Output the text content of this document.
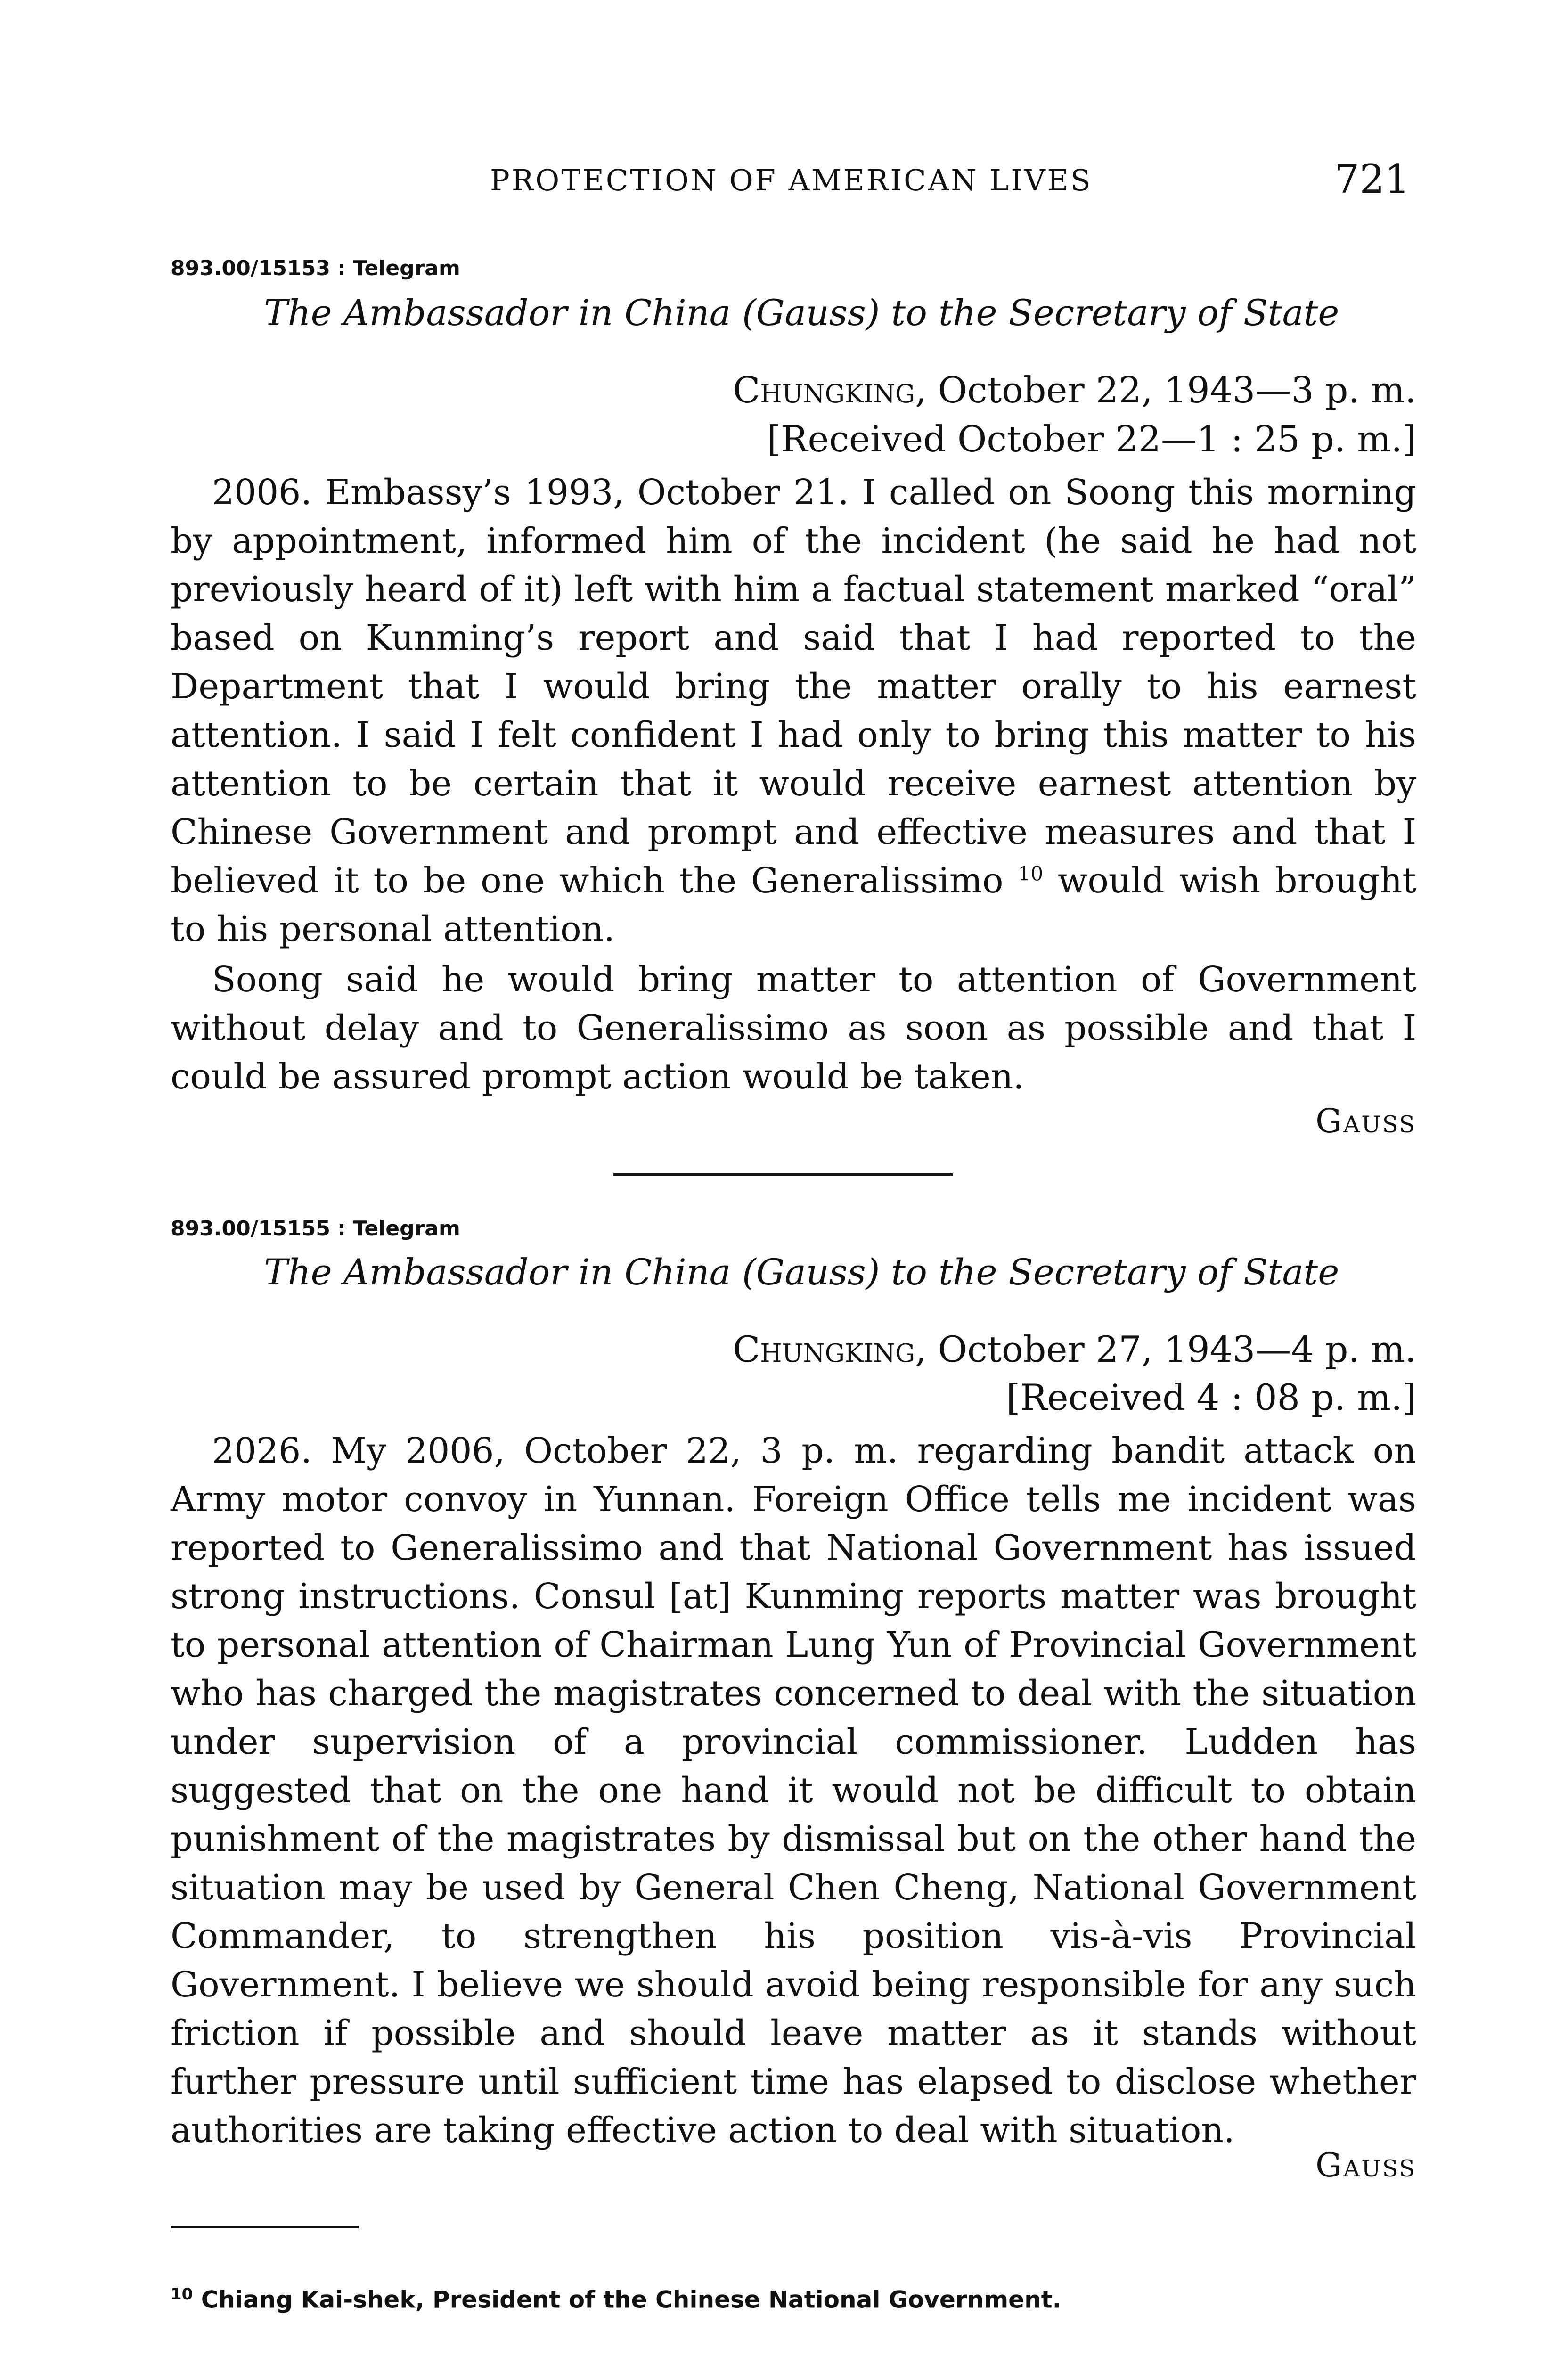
PROTECTION OF AMERICAN LIVES	721
893.00/15153 : Telegram
The Ambassador in China (Gauss) to the Secretary of State
Chungking, October 22, 1943—3 p. m.
[Received October 22—1 : 25 p. m.]

2006. Embassy’s 1993, October 21. I called on Soong this morning by appointment, informed him of the incident (he said he had not previously heard of it) left with him a factual statement marked “oral” based on Kunming’s report and said that I had reported to the Department that I would bring the matter orally to his earnest attention. I said I felt confident I had only to bring this matter to his attention to be certain that it would receive earnest attention by Chinese Government and prompt and effective measures and that I believed it to be one which the Generalissimo $^{10}$ would wish brought to his personal attention.

Soong said he would bring matter to attention of Government without delay and to Generalissimo as soon as possible and that I could be assured prompt action would be taken.

Gauss
893.00/15155 : Telegram
The Ambassador in China (Gauss) to the Secretary of State
Chungking, October 27, 1943—4 p. m.
[Received 4 : 08 p. m.]

2026. My 2006, October 22, 3 p. m. regarding bandit attack on Army motor convoy in Yunnan. Foreign Office tells me incident was reported to Generalissimo and that National Government has issued strong instructions. Consul [at] Kunming reports matter was brought to personal attention of Chairman Lung Yun of Provincial Government who has charged the magistrates concerned to deal with the situation under supervision of a provincial commissioner. Ludden has suggested that on the one hand it would not be difficult to obtain punishment of the magistrates by dismissal but on the other hand the situation may be used by General Chen Cheng, National Government Commander, to strengthen his position vis-à-vis Provincial Government. I believe we should avoid being responsible for any such friction if possible and should leave matter as it stands without further pressure until sufficient time has elapsed to disclose whether authorities are taking effective action to deal with situation.

Gauss
$^{10}$ Chiang Kai-shek, President of the Chinese National Government.
